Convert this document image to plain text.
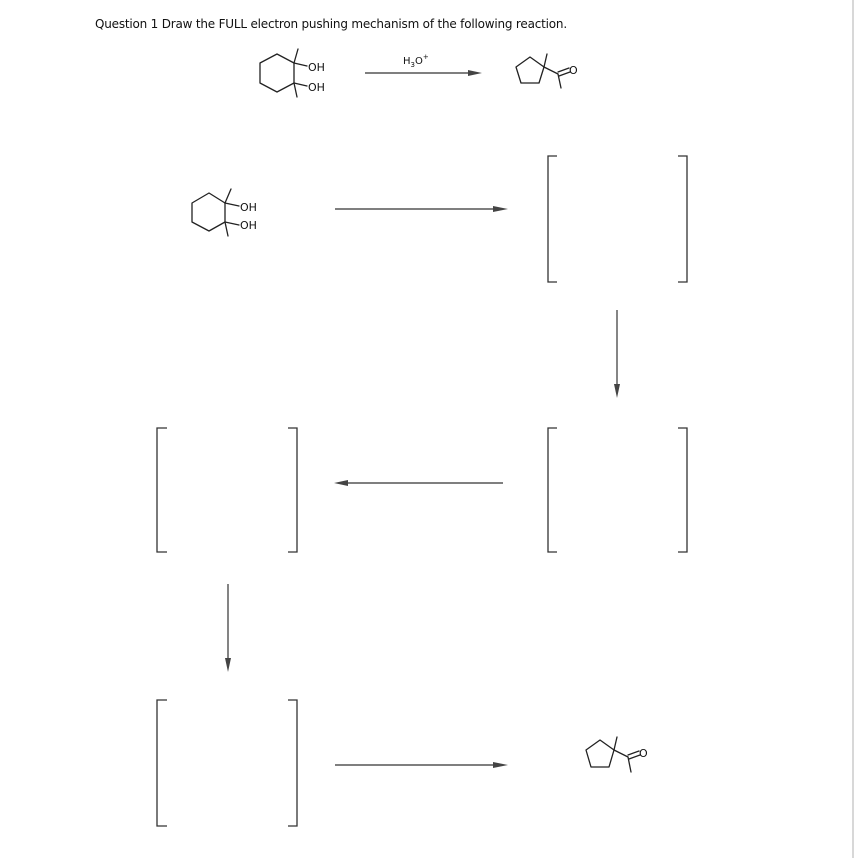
Question 1 Draw the FULL electron pushing mechanism of the following reaction.
OH
OH
$H_3O^+$
O
OH
OH
O
